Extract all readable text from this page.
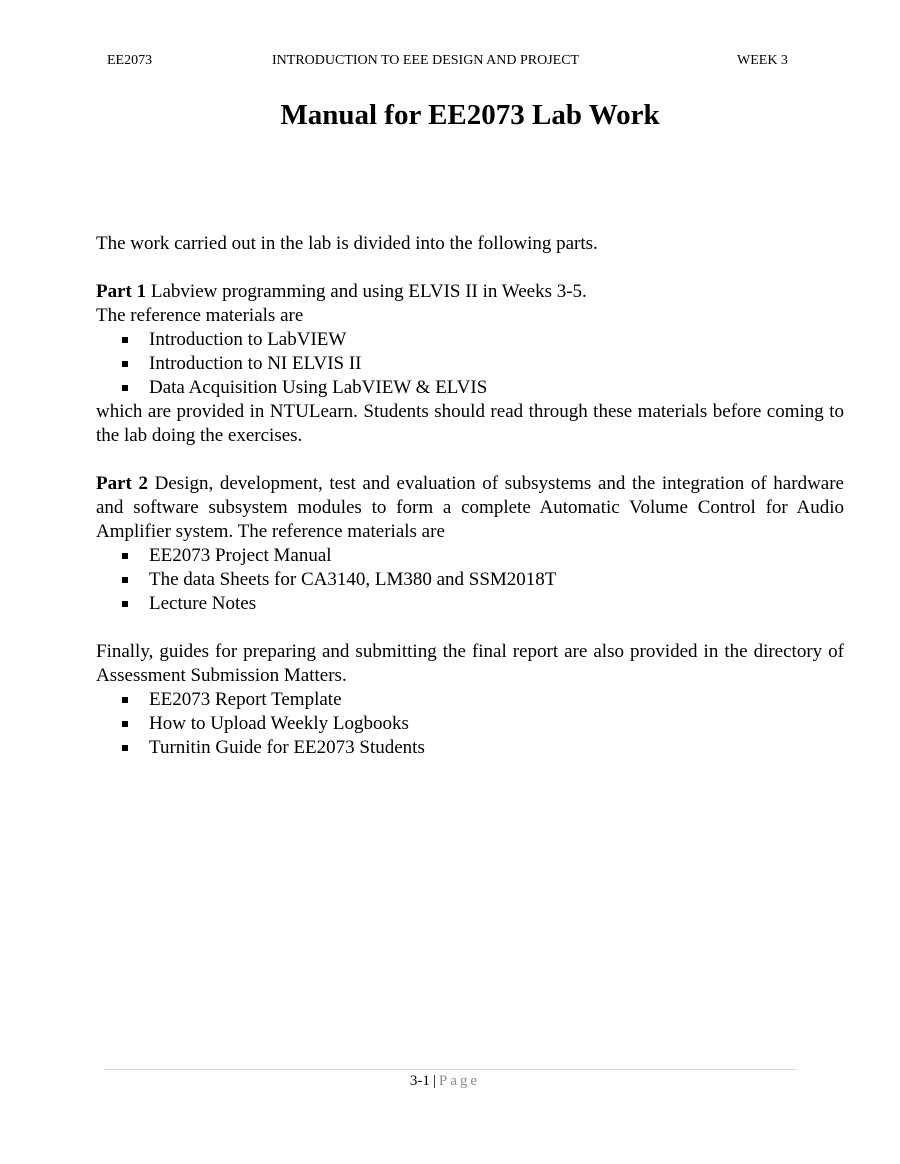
EE2073	INTRODUCTION TO EEE DESIGN AND PROJECT	WEEK 3
Manual for EE2073 Lab Work

The work carried out in the lab is divided into the following parts.

Part 1 Labview programming and using ELVIS II in Weeks 3-5.

The reference materials are

Introduction to LabVIEW
Introduction to NI ELVIS II
Data Acquisition Using LabVIEW & ELVIS

which are provided in NTULearn. Students should read through these materials before coming to the lab doing the exercises.

Part 2 Design, development, test and evaluation of subsystems and the integration of hardware and software subsystem modules to form a complete Automatic Volume Control for Audio Amplifier system. The reference materials are

EE2073 Project Manual
The data Sheets for CA3140, LM380 and SSM2018T
Lecture Notes

Finally, guides for preparing and submitting the final report are also provided in the directory of Assessment Submission Matters.

EE2073 Report Template
How to Upload Weekly Logbooks
Turnitin Guide for EE2073 Students
3-1 | Page
